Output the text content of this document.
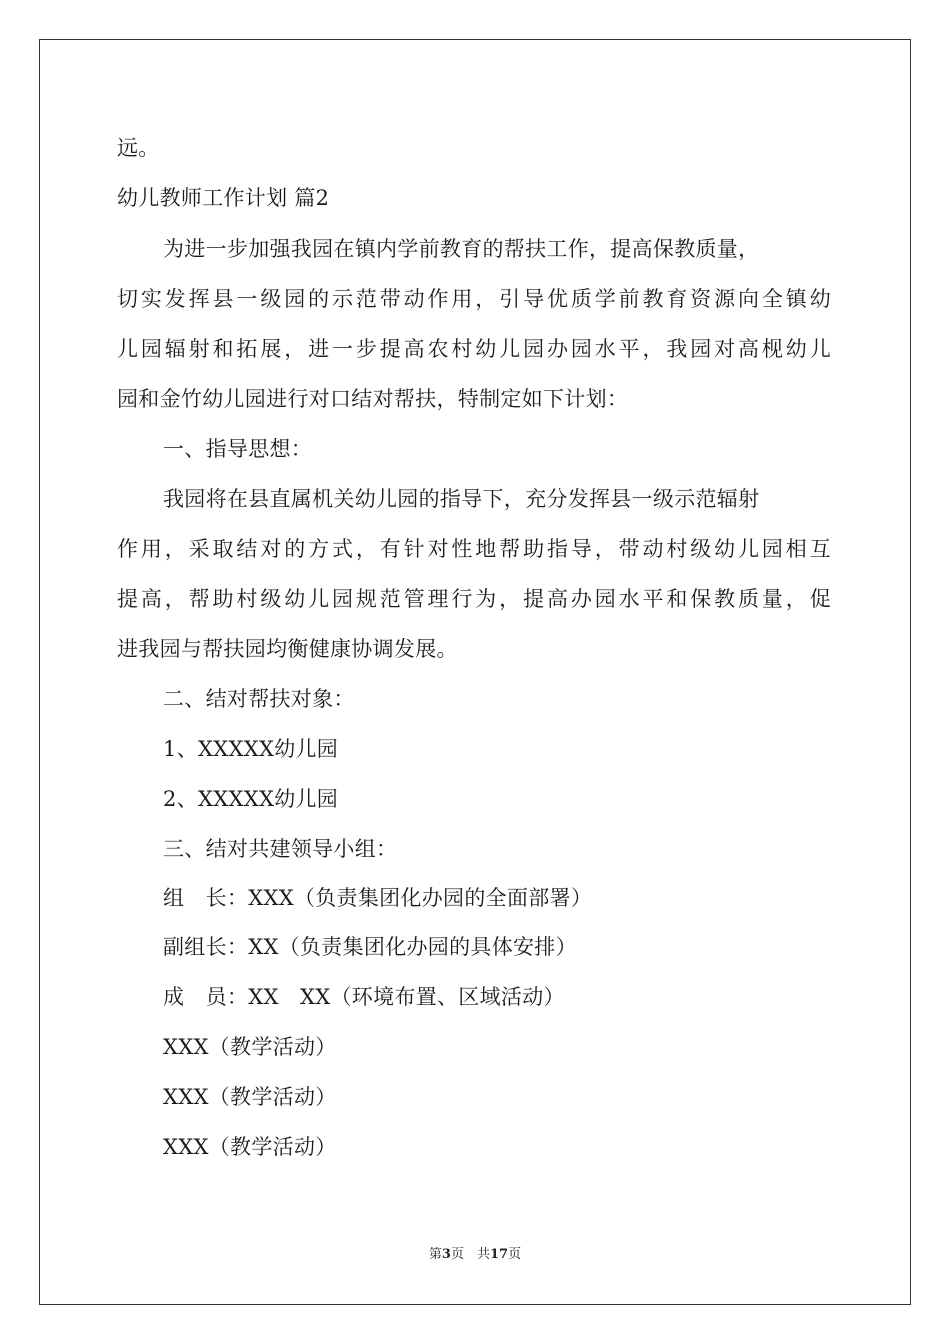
远。
幼儿教师工作计划 篇2
为进一步加强我园在镇内学前教育的帮扶工作，提高保教质量，
切实发挥县一级园的示范带动作用，引导优质学前教育资源向全镇幼
儿园辐射和拓展，进一步提高农村幼儿园办园水平，我园对高枧幼儿
园和金竹幼儿园进行对口结对帮扶，特制定如下计划：
一、指导思想：
我园将在县直属机关幼儿园的指导下，充分发挥县一级示范辐射
作用，采取结对的方式，有针对性地帮助指导，带动村级幼儿园相互
提高，帮助村级幼儿园规范管理行为，提高办园水平和保教质量，促
进我园与帮扶园均衡健康协调发展。
二、结对帮扶对象：
1、XXXXX幼儿园
2、XXXXX幼儿园
三、结对共建领导小组：
组　长：XXX（负责集团化办园的全面部署）
副组长：XX（负责集团化办园的具体安排）
成　员：XX　XX（环境布置、区域活动）
XXX（教学活动）
XXX（教学活动）
XXX（教学活动）
第3页　共17页
